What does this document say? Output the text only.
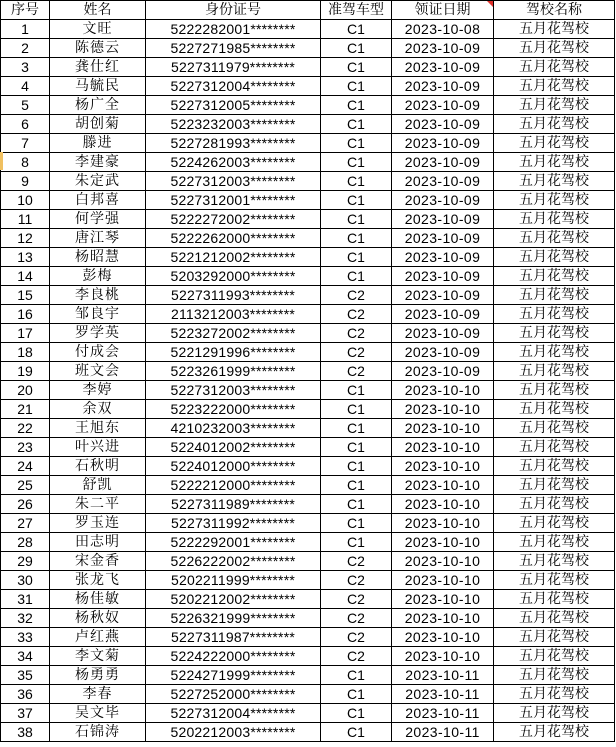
序号	姓名	身份证号	准驾车型	领证日期	驾校名称
1	文旺	5222282001********	C1	2023-10-08	五月花驾校
2	陈德云	5227271985********	C1	2023-10-09	五月花驾校
3	龚仕红	5227311979********	C1	2023-10-09	五月花驾校
4	马毓民	5227312004********	C1	2023-10-09	五月花驾校
5	杨广全	5227312005********	C1	2023-10-09	五月花驾校
6	胡创菊	5223232003********	C1	2023-10-09	五月花驾校
7	滕进	5227281993********	C1	2023-10-09	五月花驾校
8	李建豪	5224262003********	C1	2023-10-09	五月花驾校
9	朱定武	5227312003********	C1	2023-10-09	五月花驾校
10	白邦喜	5227312001********	C1	2023-10-09	五月花驾校
11	何学强	5222272002********	C1	2023-10-09	五月花驾校
12	唐江琴	5222262000********	C1	2023-10-09	五月花驾校
13	杨昭慧	5221212002********	C1	2023-10-09	五月花驾校
14	彭梅	5203292000********	C1	2023-10-09	五月花驾校
15	李良桃	5227311993********	C2	2023-10-09	五月花驾校
16	邹良宇	2113212003********	C2	2023-10-09	五月花驾校
17	罗学英	5223272002********	C2	2023-10-09	五月花驾校
18	付成会	5221291996********	C2	2023-10-09	五月花驾校
19	班文会	5223261999********	C2	2023-10-09	五月花驾校
20	李婷	5227312003********	C1	2023-10-10	五月花驾校
21	余双	5223222000********	C1	2023-10-10	五月花驾校
22	王旭东	4210232003********	C1	2023-10-10	五月花驾校
23	叶兴进	5224012002********	C1	2023-10-10	五月花驾校
24	石秋明	5224012000********	C1	2023-10-10	五月花驾校
25	舒凯	5222212000********	C1	2023-10-10	五月花驾校
26	朱二平	5227311989********	C1	2023-10-10	五月花驾校
27	罗玉连	5227311992********	C1	2023-10-10	五月花驾校
28	田志明	5222292001********	C1	2023-10-10	五月花驾校
29	宋金香	5226222002********	C2	2023-10-10	五月花驾校
30	张龙飞	5202211999********	C2	2023-10-10	五月花驾校
31	杨佳敏	5202212002********	C2	2023-10-10	五月花驾校
32	杨秋奴	5226321999********	C2	2023-10-10	五月花驾校
33	卢红燕	5227311987********	C2	2023-10-10	五月花驾校
34	李文菊	5224222000********	C2	2023-10-10	五月花驾校
35	杨勇勇	5224271999********	C1	2023-10-11	五月花驾校
36	李春	5227252000********	C1	2023-10-11	五月花驾校
37	吴文毕	5227312004********	C1	2023-10-11	五月花驾校
38	石锦涛	5202212003********	C1	2023-10-11	五月花驾校
